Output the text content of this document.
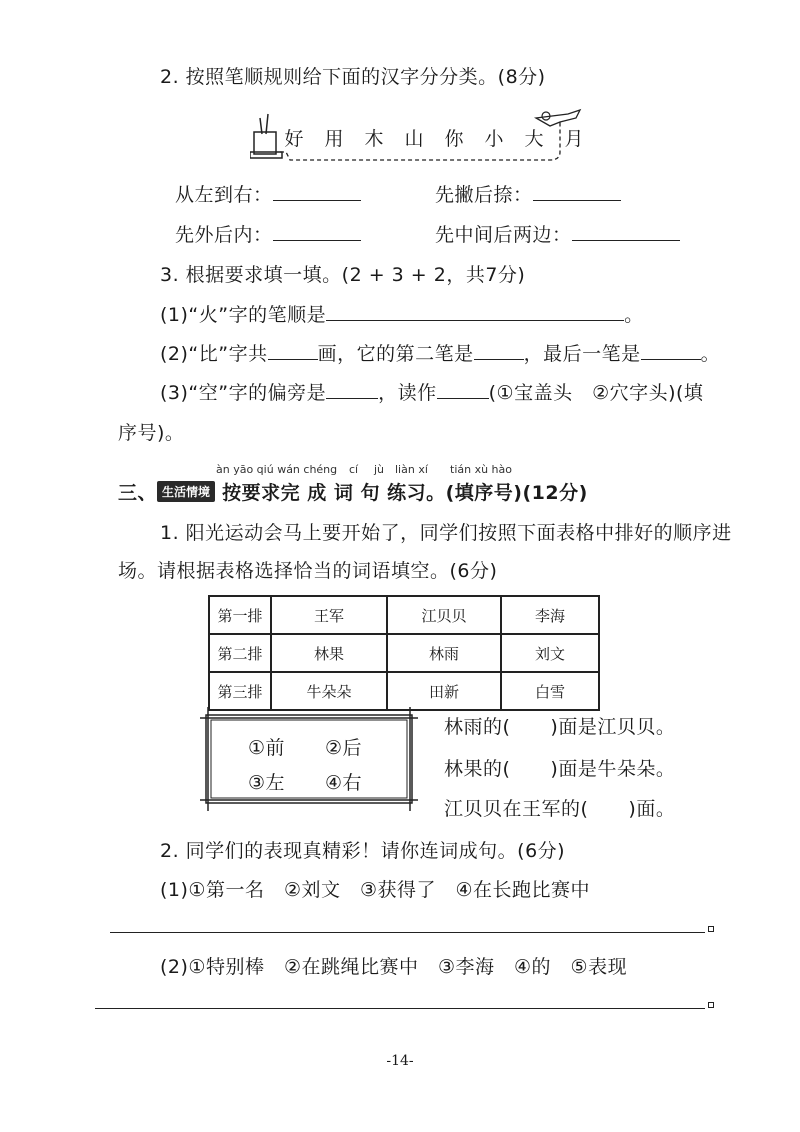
2. 按照笔顺规则给下面的汉字分分类。(8分)
好 用 木 山 你 小 大 月
从左到右：	先撇后捺：
先外后内：	先中间后两边：
3. 根据要求填一填。(2 + 3 + 2，共7分)
(1)“火”字的笔顺是	。
(2)“比”字共	画，它的第二笔是	，最后一笔是	。
(3)“空”字的偏旁是	，读作	(①宝盖头　②穴字头)(填
序号)。
àn yāo qiú wán chéng cí jù liàn xí tián xù hào
三、 生活情境 按要求完 成 词 句 练习。(填序号)(12分)
1. 阳光运动会马上要开始了，同学们按照下面表格中排好的顺序进
场。请根据表格选择恰当的词语填空。(6分)
第一排	王军	江贝贝	李海
第二排	林果	林雨	刘文
第三排	牛朵朵	田新	白雪
①前 ②后
③左 ④右
林雨的( )面是江贝贝。
林果的( )面是牛朵朵。
江贝贝在王军的( )面。
2. 同学们的表现真精彩！请你连词成句。(6分)
(1)①第一名　②刘文　③获得了　④在长跑比赛中
(2)①特别棒　②在跳绳比赛中　③李海　④的　⑤表现
-14-
